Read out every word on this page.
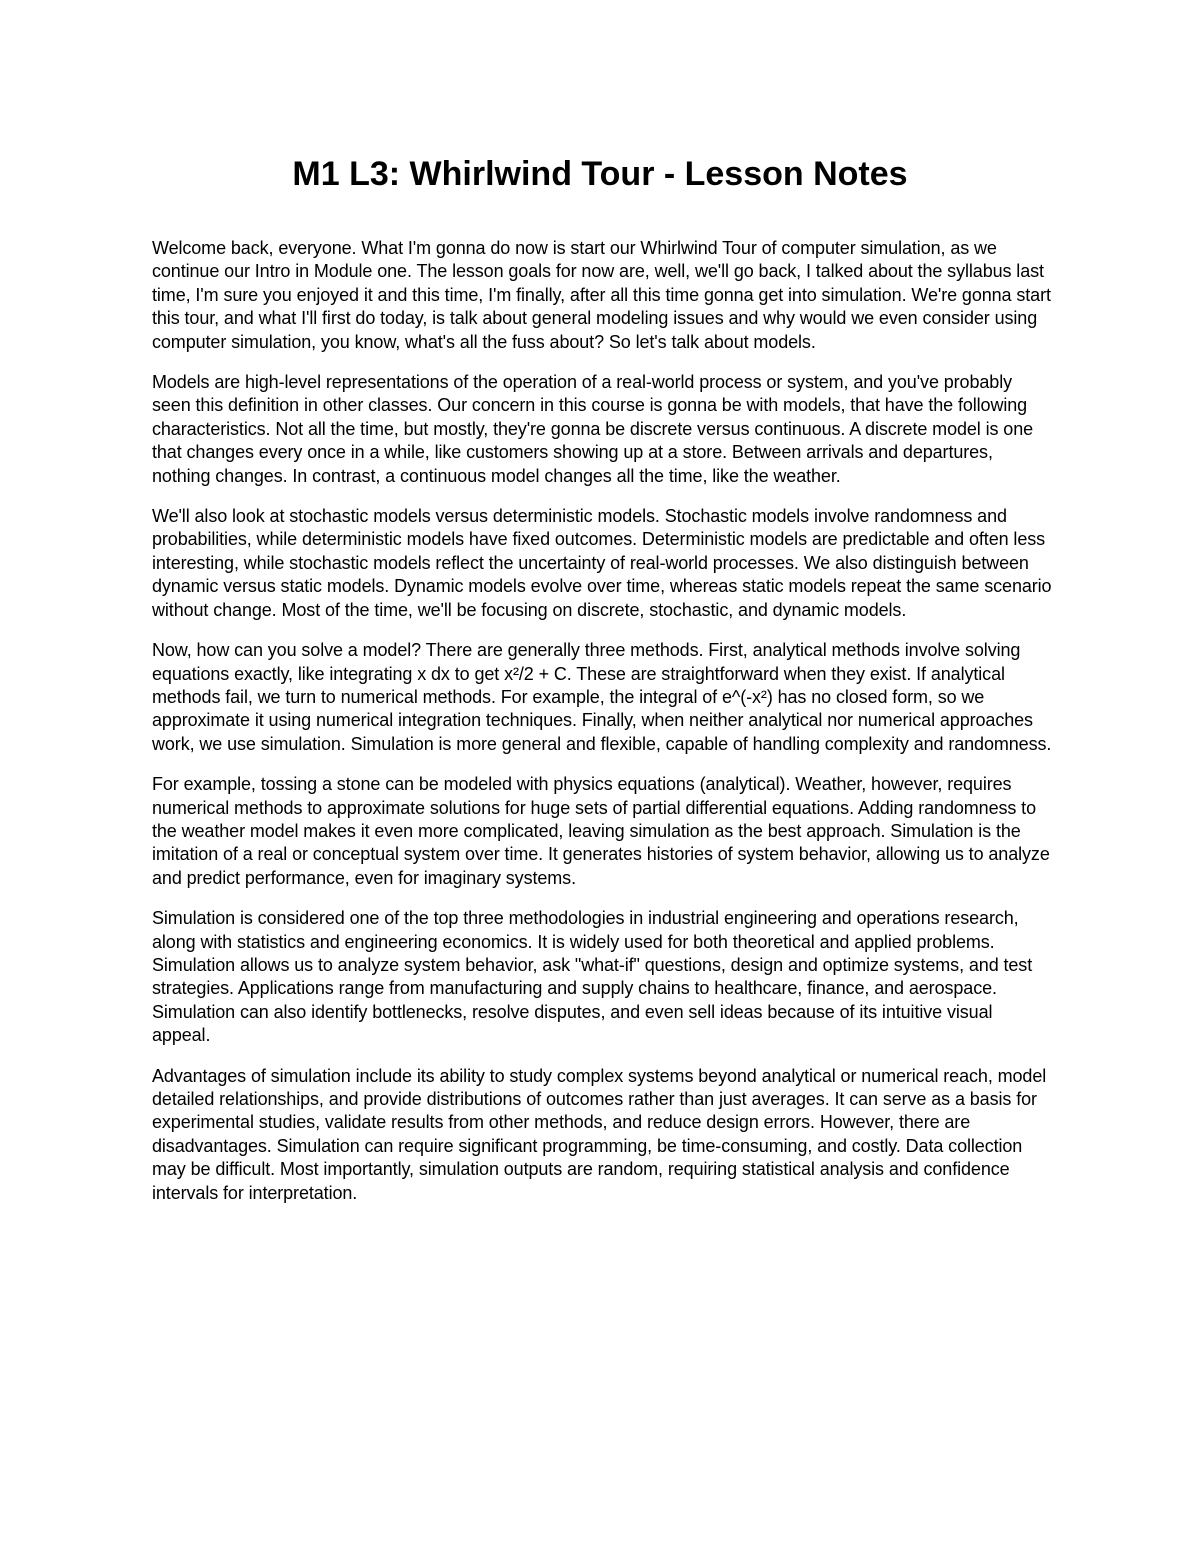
M1 L3: Whirlwind Tour - Lesson Notes

Welcome back, everyone. What I'm gonna do now is start our Whirlwind Tour of computer simulation, as we continue our Intro in Module one. The lesson goals for now are, well, we'll go back, I talked about the syllabus last time, I'm sure you enjoyed it and this time, I'm finally, after all this time gonna get into simulation. We're gonna start this tour, and what I'll first do today, is talk about general modeling issues and why would we even consider using computer simulation, you know, what's all the fuss about? So let's talk about models.

Models are high-level representations of the operation of a real-world process or system, and you've probably seen this definition in other classes. Our concern in this course is gonna be with models, that have the following characteristics. Not all the time, but mostly, they're gonna be discrete versus continuous. A discrete model is one that changes every once in a while, like customers showing up at a store. Between arrivals and departures, nothing changes. In contrast, a continuous model changes all the time, like the weather.

We'll also look at stochastic models versus deterministic models. Stochastic models involve randomness and probabilities, while deterministic models have fixed outcomes. Deterministic models are predictable and often less interesting, while stochastic models reflect the uncertainty of real-world processes. We also distinguish between dynamic versus static models. Dynamic models evolve over time, whereas static models repeat the same scenario without change. Most of the time, we'll be focusing on discrete, stochastic, and dynamic models.

Now, how can you solve a model? There are generally three methods. First, analytical methods involve solving equations exactly, like integrating x dx to get x²/2 + C. These are straightforward when they exist. If analytical methods fail, we turn to numerical methods. For example, the integral of e^(-x²) has no closed form, so we approximate it using numerical integration techniques. Finally, when neither analytical nor numerical approaches work, we use simulation. Simulation is more general and flexible, capable of handling complexity and randomness.

For example, tossing a stone can be modeled with physics equations (analytical). Weather, however, requires numerical methods to approximate solutions for huge sets of partial differential equations. Adding randomness to the weather model makes it even more complicated, leaving simulation as the best approach. Simulation is the imitation of a real or conceptual system over time. It generates histories of system behavior, allowing us to analyze and predict performance, even for imaginary systems.

Simulation is considered one of the top three methodologies in industrial engineering and operations research, along with statistics and engineering economics. It is widely used for both theoretical and applied problems. Simulation allows us to analyze system behavior, ask "what-if" questions, design and optimize systems, and test strategies. Applications range from manufacturing and supply chains to healthcare, finance, and aerospace. Simulation can also identify bottlenecks, resolve disputes, and even sell ideas because of its intuitive visual appeal.

Advantages of simulation include its ability to study complex systems beyond analytical or numerical reach, model detailed relationships, and provide distributions of outcomes rather than just averages. It can serve as a basis for experimental studies, validate results from other methods, and reduce design errors. However, there are disadvantages. Simulation can require significant programming, be time-consuming, and costly. Data collection may be difficult. Most importantly, simulation outputs are random, requiring statistical analysis and confidence intervals for interpretation.
